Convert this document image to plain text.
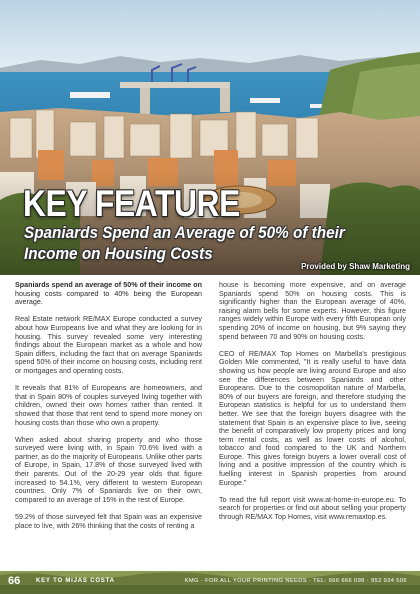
KEY FEATURE
Spaniards Spend an Average of 50% of their Income on Housing Costs

Provided by Shaw Marketing

Spaniards spend an average of 50% of their income on housing costs compared to 40% being the European average.

Real Estate network RE/MAX Europe conducted a survey about how Europeans live and what they are looking for in housing. This survey revealed some very interesting findings about the European market as a whole and how Spain differs, including the fact that on average Spaniards spend 50% of their income on housing costs, including rent or mortgages and operating costs.

It reveals that 81% of Europeans are homeowners, and that in Spain 80% of couples surveyed living together with children, owned their own homes rather than rented. It showed that those that rent tend to spend more money on housing costs than those who own a property.

When asked about sharing property and who those surveyed were living with, in Spain 70.6% lived with a partner, as do the majority of Europeans. Unlike other parts of Europe, in Spain, 17.8% of those surveyed lived with their parents. Out of the 20-29 year olds that figure increased to 54.1%, very different to western European countries. Only 7% of Spaniards live on their own, compared to an average of 15% in the rest of Europe.

59.2% of those surveyed felt that Spain was an expensive place to live, with 26% thinking that the costs of renting a

house is becoming more expensive, and on average Spaniards spend 50% on housing costs. This is significantly higher than the European average of 40%, raising alarm bells for some experts. However, this figure ranges widely within Europe with every fifth European only spending 20% of income on housing, but 9% saying they spend between 70 and 90% on housing costs.

CEO of RE/MAX Top Homes on Marbella's prestigious Golden Mile commented, "It is really useful to have data showing us how people are living around Europe and also see the differences between Spaniards and other Europeans. Due to the cosmopolitan nature of Marbella, 80% of our buyers are foreign, and therefore studying the European statistics is helpful for us to understand them better. We see that the foreign buyers disagree with the statement that Spain is an expensive place to live, seeing the benefit of comparatively low property prices and long term rental costs, as well as lower costs of alcohol, tobacco and food compared to the UK and Northern Europe. This gives foreign buyers a lower overall cost of living and a positive impression of the country which is fuelling interest in Spanish properties from around Europe."

To read the full report visit www.at-home-in-europe.eu. To search for properties or find out about selling your property through RE/MAX Top Homes, visit www.remaxtop.es.

66	KEY TO MIJAS COSTA	KMG · FOR ALL YOUR PRINTING NEEDS · TEL: 666 666 098 · 952 934 506
